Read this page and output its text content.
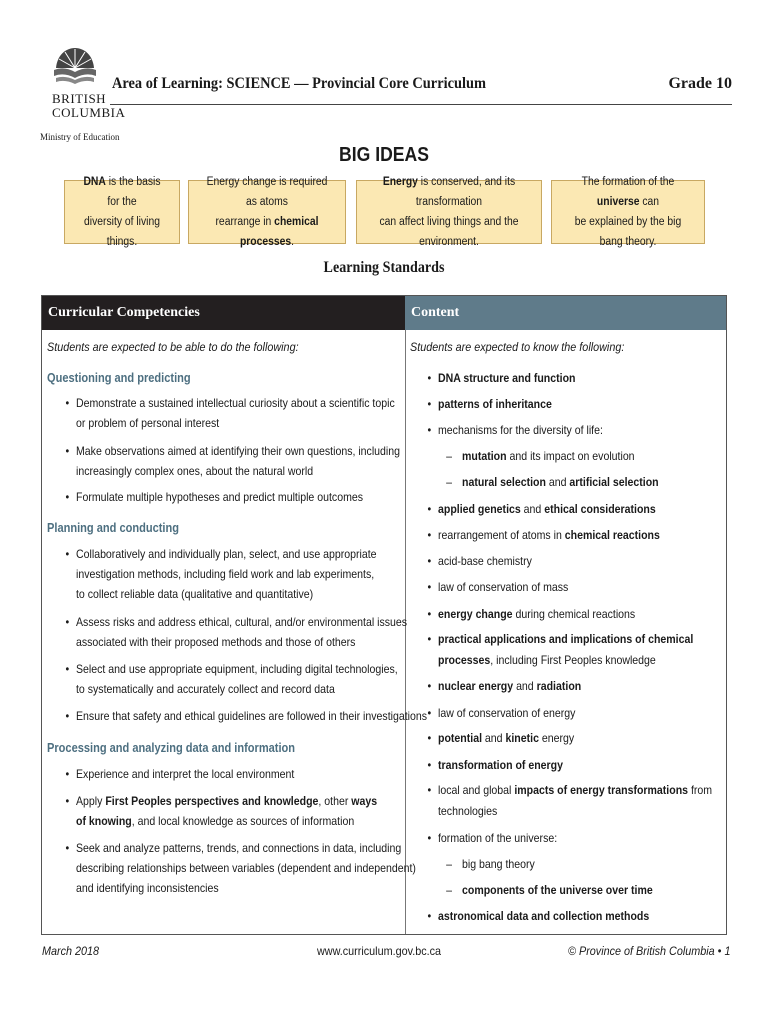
BRITISH
COLUMBIA
Ministry of Education
Area of Learning: SCIENCE — Provincial Core Curriculum	Grade 10
BIG IDEAS
DNA is the basis for the
diversity of living things.
Energy change is required as atoms
rearrange in chemical processes.
Energy is conserved, and its transformation
can affect living things and the environment.
The formation of the universe can
be explained by the big bang theory.
Learning Standards
Curricular Competencies	Content
Students are expected to be able to do the following:
Questioning and predicting
• Demonstrate a sustained intellectual curiosity about a scientific topic
or problem of personal interest
• Make observations aimed at identifying their own questions, including
increasingly complex ones, about the natural world
• Formulate multiple hypotheses and predict multiple outcomes
Planning and conducting
• Collaboratively and individually plan, select, and use appropriate
investigation methods, including field work and lab experiments,
to collect reliable data (qualitative and quantitative)
• Assess risks and address ethical, cultural, and/or environmental issues
associated with their proposed methods and those of others
• Select and use appropriate equipment, including digital technologies,
to systematically and accurately collect and record data
• Ensure that safety and ethical guidelines are followed in their investigations
Processing and analyzing data and information
• Experience and interpret the local environment
• Apply First Peoples perspectives and knowledge, other ways
of knowing, and local knowledge as sources of information
• Seek and analyze patterns, trends, and connections in data, including
describing relationships between variables (dependent and independent)
and identifying inconsistencies
Students are expected to know the following:
• DNA structure and function
• patterns of inheritance
• mechanisms for the diversity of life:
– mutation and its impact on evolution
– natural selection and artificial selection
• applied genetics and ethical considerations
• rearrangement of atoms in chemical reactions
• acid-base chemistry
• law of conservation of mass
• energy change during chemical reactions
• practical applications and implications of chemical
processes, including First Peoples knowledge
• nuclear energy and radiation
• law of conservation of energy
• potential and kinetic energy
• transformation of energy
• local and global impacts of energy transformations from
technologies
• formation of the universe:
– big bang theory
– components of the universe over time
• astronomical data and collection methods
March 2018	www.curriculum.gov.bc.ca	© Province of British Columbia • 1
